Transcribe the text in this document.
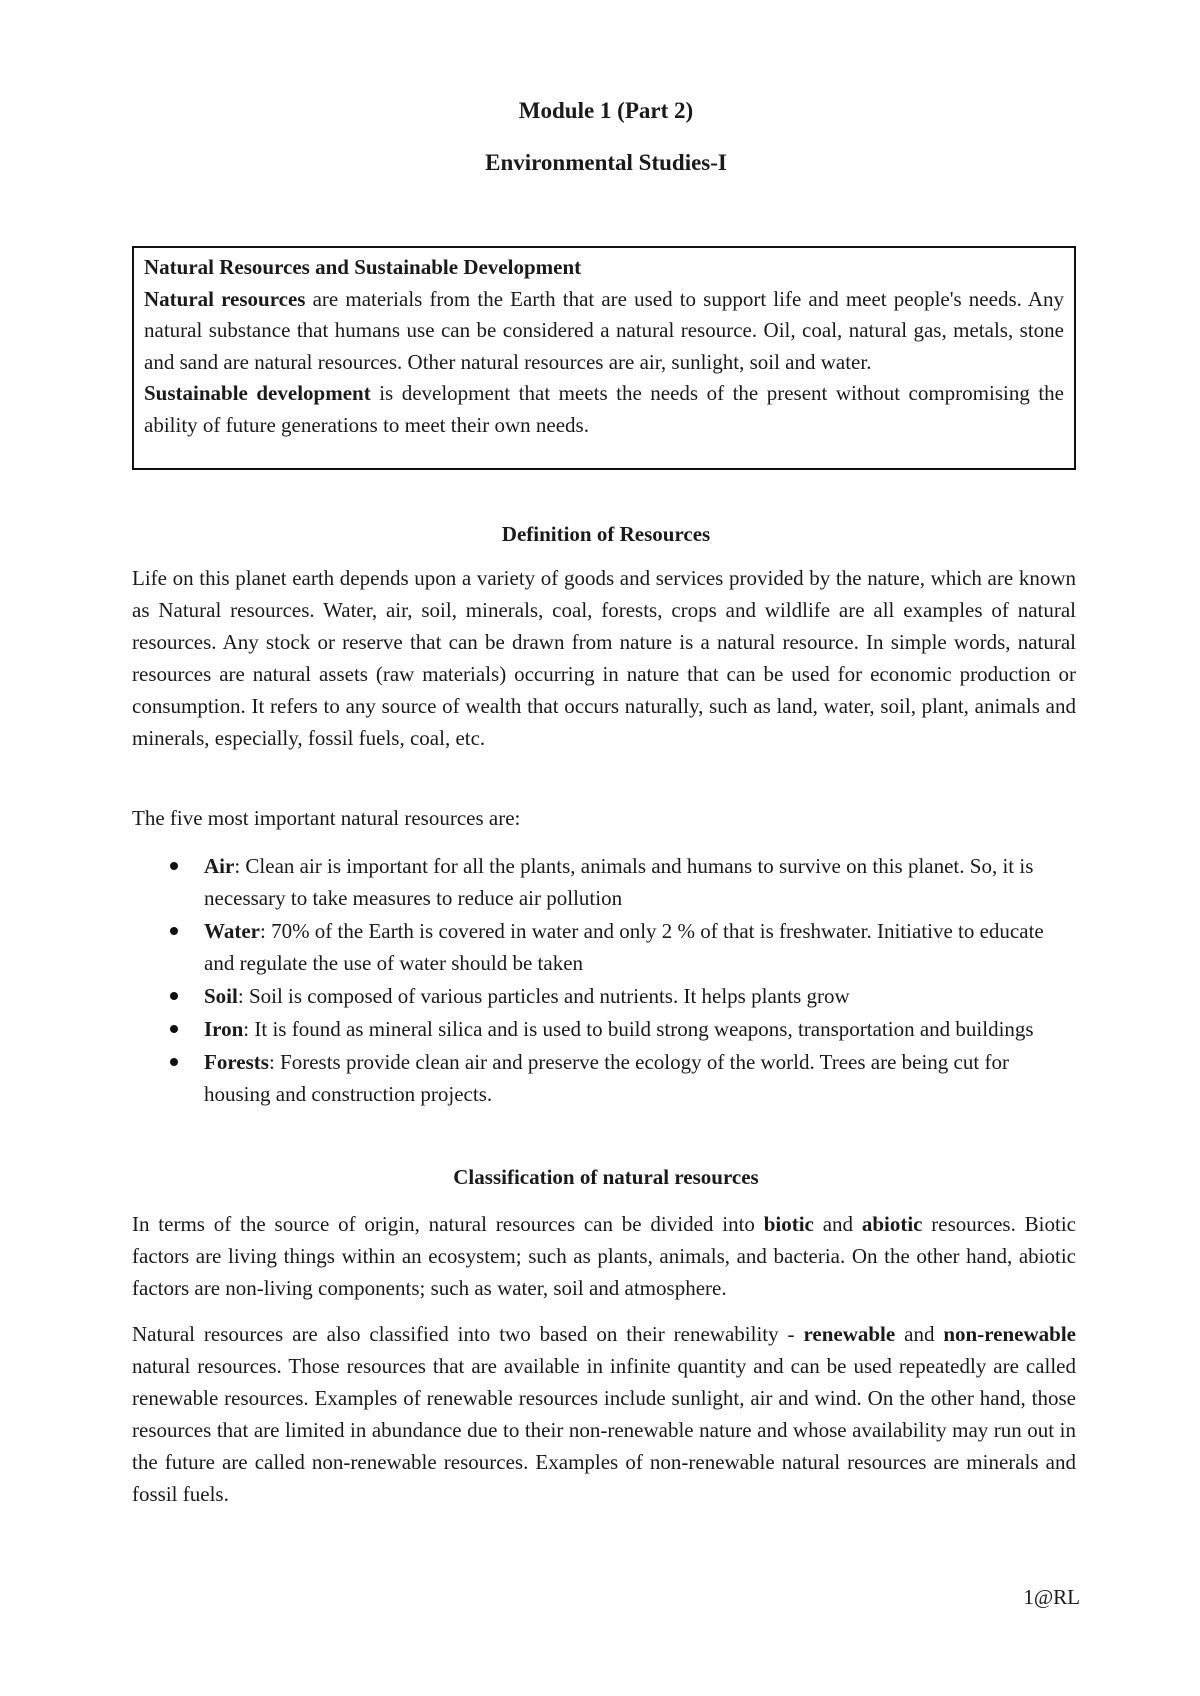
Module 1 (Part 2)
Environmental Studies-I

Natural Resources and Sustainable Development

Natural resources are materials from the Earth that are used to support life and meet people's needs. Any natural substance that humans use can be considered a natural resource. Oil, coal, natural gas, metals, stone and sand are natural resources. Other natural resources are air, sunlight, soil and water.

Sustainable development is development that meets the needs of the present without compromising the ability of future generations to meet their own needs.

Definition of Resources

Life on this planet earth depends upon a variety of goods and services provided by the nature, which are known as Natural resources. Water, air, soil, minerals, coal, forests, crops and wildlife are all examples of natural resources. Any stock or reserve that can be drawn from nature is a natural resource. In simple words, natural resources are natural assets (raw materials) occurring in nature that can be used for economic production or consumption. It refers to any source of wealth that occurs naturally, such as land, water, soil, plant, animals and minerals, especially, fossil fuels, coal, etc.

The five most important natural resources are:

Air: Clean air is important for all the plants, animals and humans to survive on this planet. So, it is necessary to take measures to reduce air pollution
Water: 70% of the Earth is covered in water and only 2 % of that is freshwater. Initiative to educate and regulate the use of water should be taken
Soil: Soil is composed of various particles and nutrients. It helps plants grow
Iron: It is found as mineral silica and is used to build strong weapons, transportation and buildings
Forests: Forests provide clean air and preserve the ecology of the world. Trees are being cut for housing and construction projects.
Classification of natural resources

In terms of the source of origin, natural resources can be divided into biotic and abiotic resources. Biotic factors are living things within an ecosystem; such as plants, animals, and bacteria. On the other hand, abiotic factors are non-living components; such as water, soil and atmosphere.

Natural resources are also classified into two based on their renewability - renewable and non-renewable natural resources. Those resources that are available in infinite quantity and can be used repeatedly are called renewable resources. Examples of renewable resources include sunlight, air and wind. On the other hand, those resources that are limited in abundance due to their non-renewable nature and whose availability may run out in the future are called non-renewable resources. Examples of non-renewable natural resources are minerals and fossil fuels.

1@RL
